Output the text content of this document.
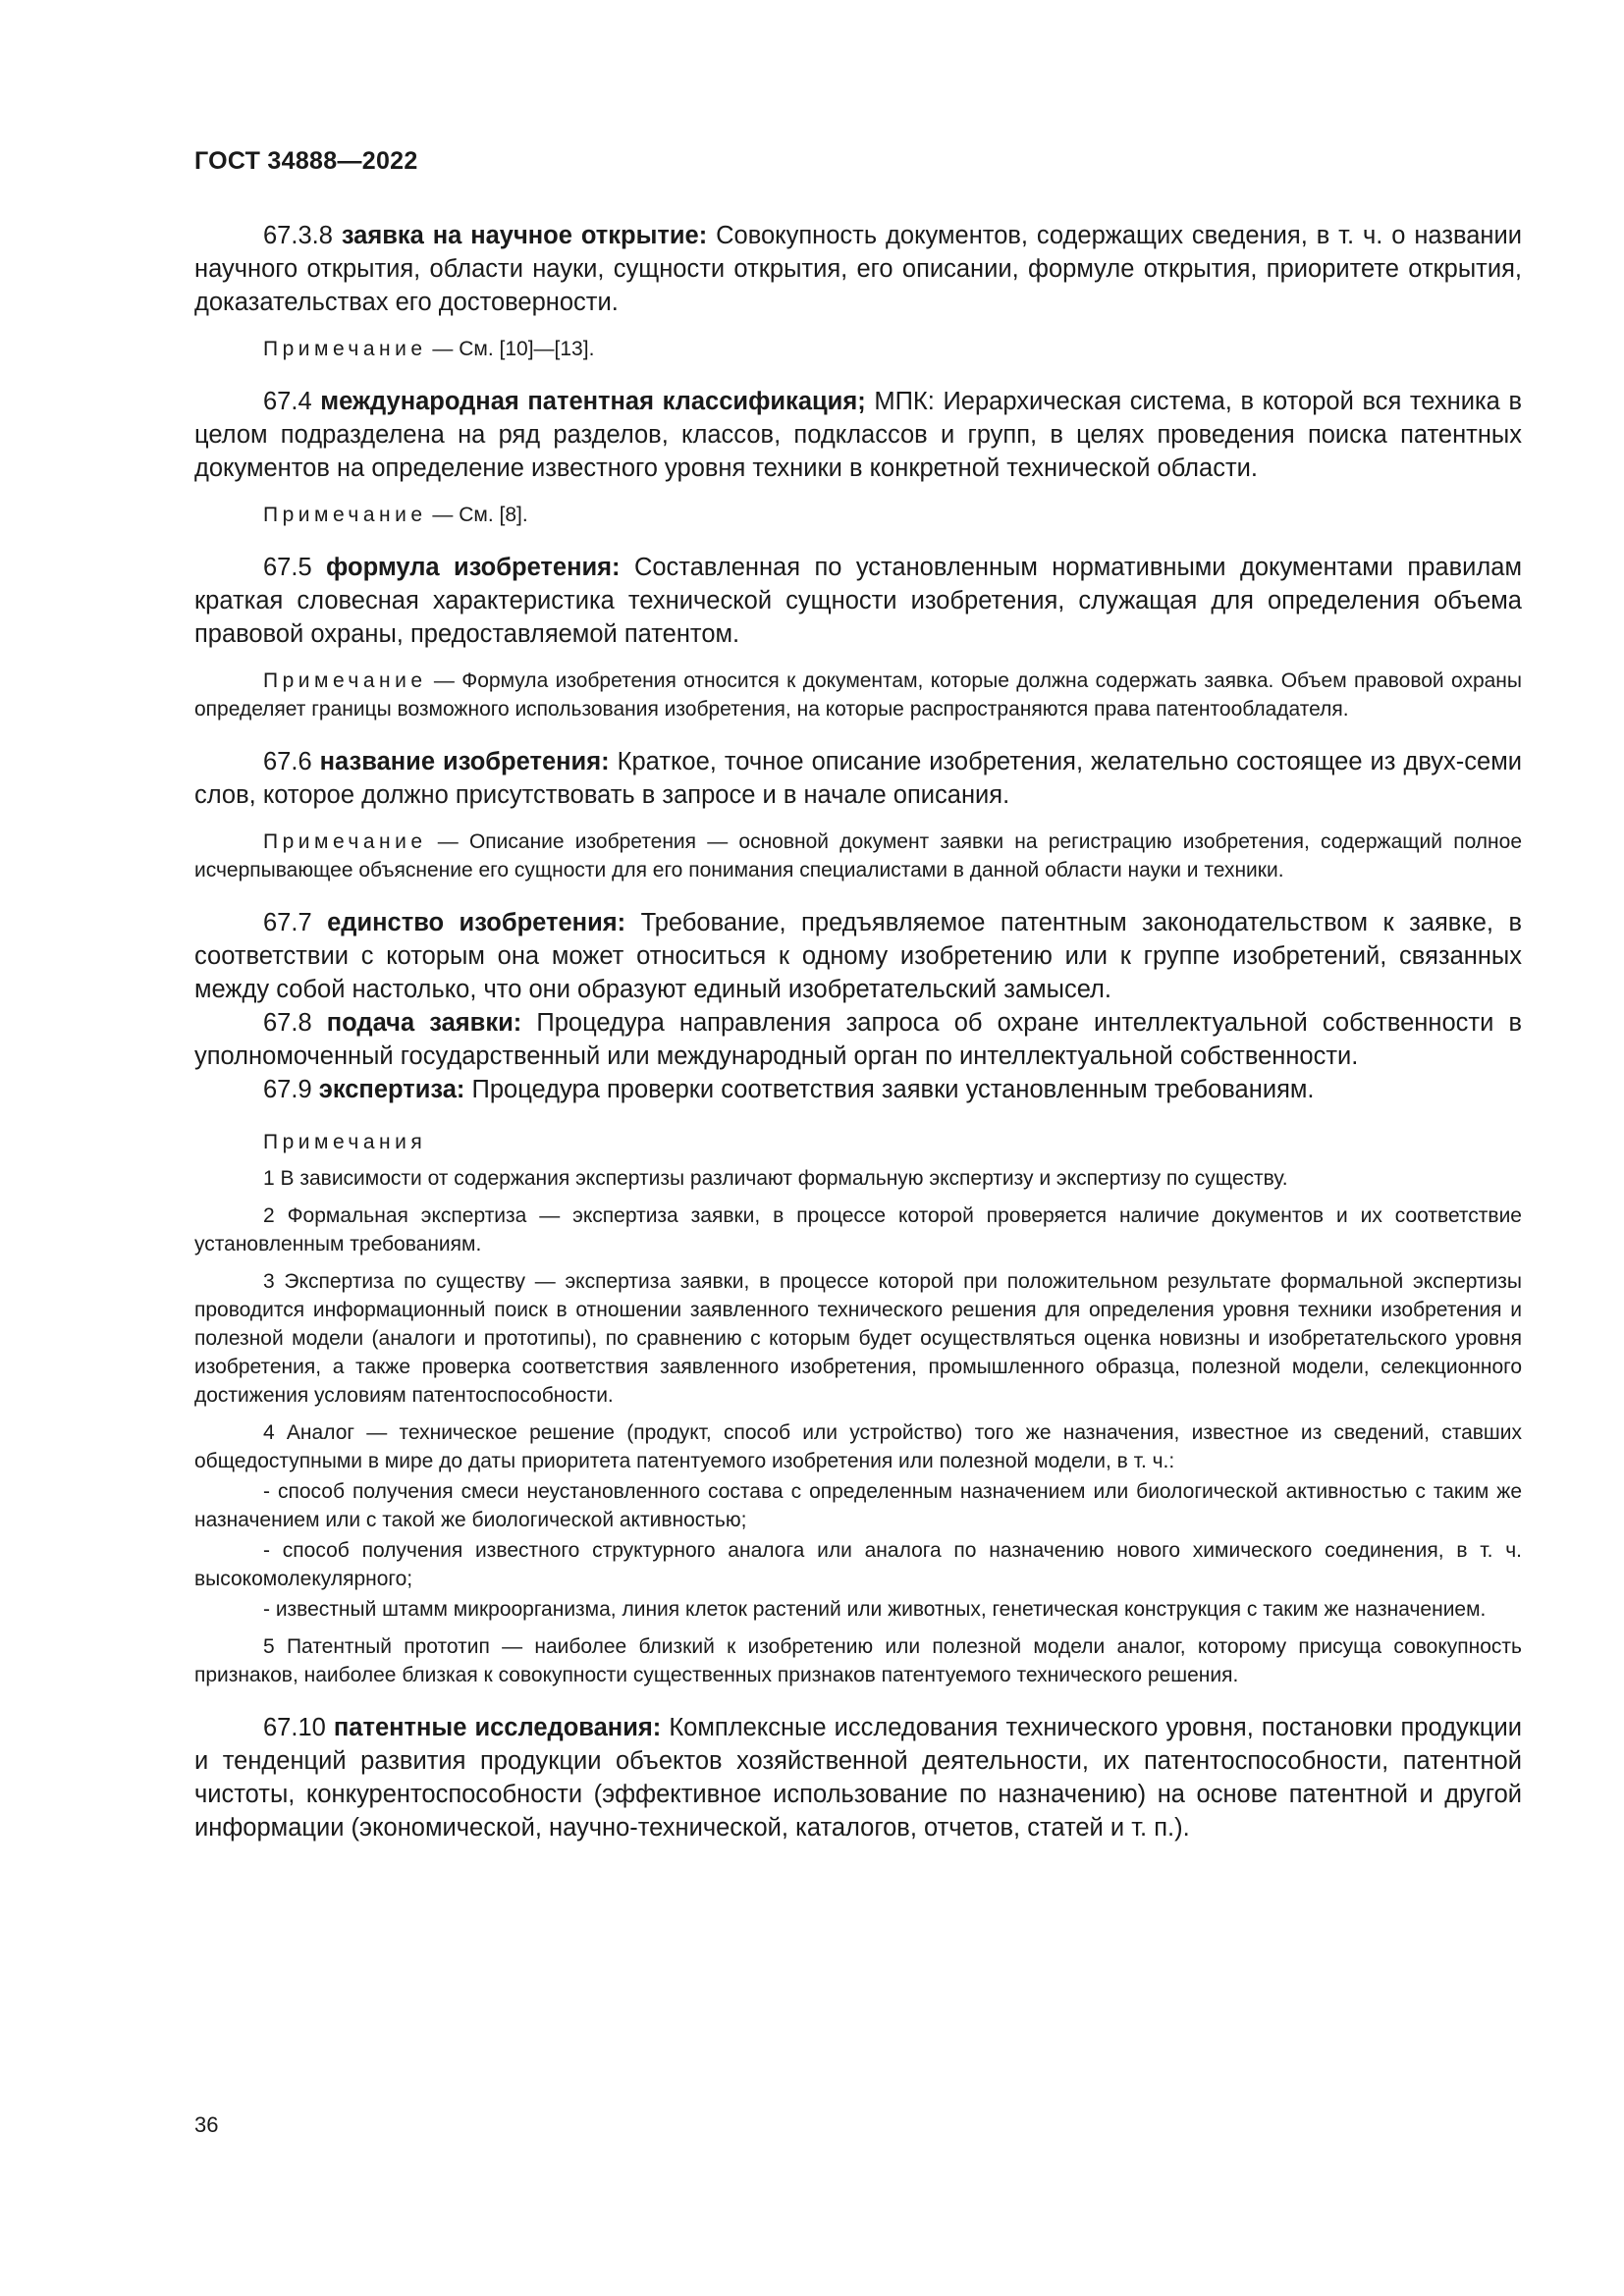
ГОСТ 34888—2022

67.3.8 заявка на научное открытие: Совокупность документов, содержащих сведения, в т. ч. о названии научного открытия, области науки, сущности открытия, его описании, формуле открытия, приоритете открытия, доказательствах его достоверности.

Примечание — См. [10]—[13].

67.4 международная патентная классификация; МПК: Иерархическая система, в которой вся техника в целом подразделена на ряд разделов, классов, подклассов и групп, в целях проведения поиска патентных документов на определение известного уровня техники в конкретной технической области.

Примечание — См. [8].

67.5 формула изобретения: Составленная по установленным нормативными документами правилам краткая словесная характеристика технической сущности изобретения, служащая для определения объема правовой охраны, предоставляемой патентом.

Примечание — Формула изобретения относится к документам, которые должна содержать заявка. Объем правовой охраны определяет границы возможного использования изобретения, на которые распространяются права патентообладателя.

67.6 название изобретения: Краткое, точное описание изобретения, желательно состоящее из двух-семи слов, которое должно присутствовать в запросе и в начале описания.

Примечание — Описание изобретения — основной документ заявки на регистрацию изобретения, содержащий полное исчерпывающее объяснение его сущности для его понимания специалистами в данной области науки и техники.

67.7 единство изобретения: Требование, предъявляемое патентным законодательством к заявке, в соответствии с которым она может относиться к одному изобретению или к группе изобретений, связанных между собой настолько, что они образуют единый изобретательский замысел.

67.8 подача заявки: Процедура направления запроса об охране интеллектуальной собственности в уполномоченный государственный или международный орган по интеллектуальной собственности.

67.9 экспертиза: Процедура проверки соответствия заявки установленным требованиям.

Примечания

1 В зависимости от содержания экспертизы различают формальную экспертизу и экспертизу по существу.

2 Формальная экспертиза — экспертиза заявки, в процессе которой проверяется наличие документов и их соответствие установленным требованиям.

3 Экспертиза по существу — экспертиза заявки, в процессе которой при положительном результате формальной экспертизы проводится информационный поиск в отношении заявленного технического решения для определения уровня техники изобретения и полезной модели (аналоги и прототипы), по сравнению с которым будет осуществляться оценка новизны и изобретательского уровня изобретения, а также проверка соответствия заявленного изобретения, промышленного образца, полезной модели, селекционного достижения условиям патентоспособности.

4 Аналог — техническое решение (продукт, способ или устройство) того же назначения, известное из сведений, ставших общедоступными в мире до даты приоритета патентуемого изобретения или полезной модели, в т. ч.:

- способ получения смеси неустановленного состава с определенным назначением или биологической активностью с таким же назначением или с такой же биологической активностью;

- способ получения известного структурного аналога или аналога по назначению нового химического соединения, в т. ч. высокомолекулярного;

- известный штамм микроорганизма, линия клеток растений или животных, генетическая конструкция с таким же назначением.

5 Патентный прототип — наиболее близкий к изобретению или полезной модели аналог, которому присуща совокупность признаков, наиболее близкая к совокупности существенных признаков патентуемого технического решения.

67.10 патентные исследования: Комплексные исследования технического уровня, постановки продукции и тенденций развития продукции объектов хозяйственной деятельности, их патентоспособности, патентной чистоты, конкурентоспособности (эффективное использование по назначению) на основе патентной и другой информации (экономической, научно-технической, каталогов, отчетов, статей и т. п.).

36
